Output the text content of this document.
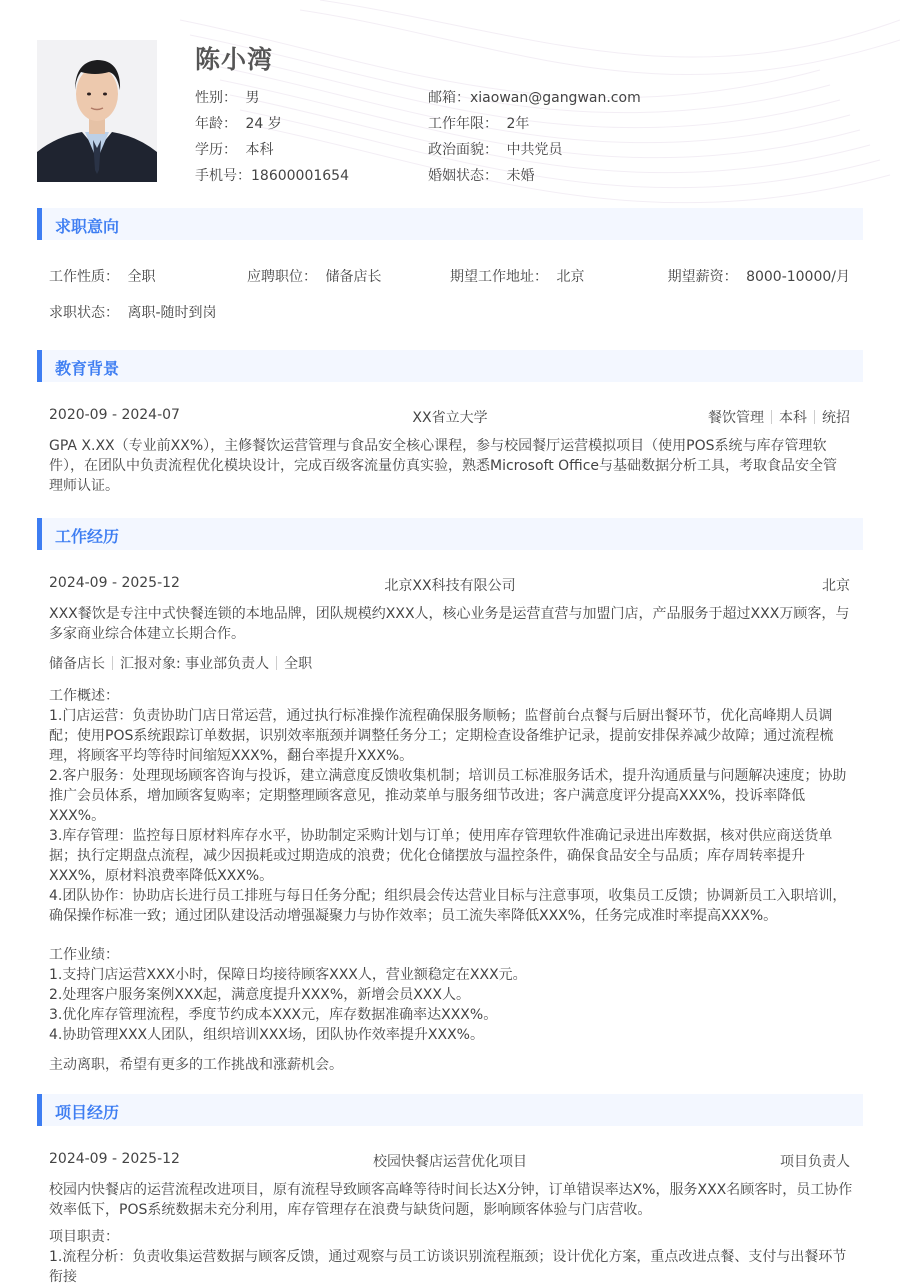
陈小湾
性别： 男
年龄： 24 岁
学历： 本科
手机号：18600001654
邮箱：xiaowan@gangwan.com
工作年限： 2年
政治面貌： 中共党员
婚姻状态： 未婚
求职意向
工作性质： 全职	应聘职位： 储备店长	期望工作地址： 北京	期望薪资： 8000-10000/月
求职状态： 离职-随时到岗
教育背景
2020-09 - 2024-07	XX省立大学	餐饮管理 本科 统招
GPA X.XX（专业前XX%），主修餐饮运营管理与食品安全核心课程，参与校园餐厅运营模拟项目（使用POS系统与库存管理软
件），在团队中负责流程优化模块设计，完成百级客流量仿真实验，熟悉Microsoft Office与基础数据分析工具，考取食品安全管
理师认证。
工作经历
2024-09 - 2025-12	北京XX科技有限公司	北京
XXX餐饮是专注中式快餐连锁的本地品牌，团队规模约XXX人，核心业务是运营直营与加盟门店，产品服务于超过XXX万顾客，与
多家商业综合体建立长期合作。
储备店长 汇报对象: 事业部负责人 全职
工作概述：
1.门店运营：负责协助门店日常运营，通过执行标准操作流程确保服务顺畅；监督前台点餐与后厨出餐环节，优化高峰期人员调
配；使用POS系统跟踪订单数据，识别效率瓶颈并调整任务分工；定期检查设备维护记录，提前安排保养减少故障；通过流程梳
理，将顾客平均等待时间缩短XXX%，翻台率提升XXX%。
2.客户服务：处理现场顾客咨询与投诉，建立满意度反馈收集机制；培训员工标准服务话术，提升沟通质量与问题解决速度；协助
推广会员体系，增加顾客复购率；定期整理顾客意见，推动菜单与服务细节改进；客户满意度评分提高XXX%，投诉率降低
XXX%。
3.库存管理：监控每日原材料库存水平，协助制定采购计划与订单；使用库存管理软件准确记录进出库数据，核对供应商送货单
据；执行定期盘点流程，减少因损耗或过期造成的浪费；优化仓储摆放与温控条件，确保食品安全与品质；库存周转率提升
XXX%，原材料浪费率降低XXX%。
4.团队协作：协助店长进行员工排班与每日任务分配；组织晨会传达营业目标与注意事项，收集员工反馈；协调新员工入职培训，
确保操作标准一致；通过团队建设活动增强凝聚力与协作效率；员工流失率降低XXX%，任务完成准时率提高XXX%。
工作业绩：
1.支持门店运营XXX小时，保障日均接待顾客XXX人，营业额稳定在XXX元。
2.处理客户服务案例XXX起，满意度提升XXX%，新增会员XXX人。
3.优化库存管理流程，季度节约成本XXX元，库存数据准确率达XXX%。
4.协助管理XXX人团队，组织培训XXX场，团队协作效率提升XXX%。
主动离职，希望有更多的工作挑战和涨薪机会。
项目经历
2024-09 - 2025-12	校园快餐店运营优化项目	项目负责人
校园内快餐店的运营流程改进项目，原有流程导致顾客高峰等待时间长达X分钟，订单错误率达X%，服务XXX名顾客时，员工协作
效率低下，POS系统数据未充分利用，库存管理存在浪费与缺货问题，影响顾客体验与门店营收。
项目职责：
1.流程分析：负责收集运营数据与顾客反馈，通过观察与员工访谈识别流程瓶颈；设计优化方案，重点改进点餐、支付与出餐环节
衔接
